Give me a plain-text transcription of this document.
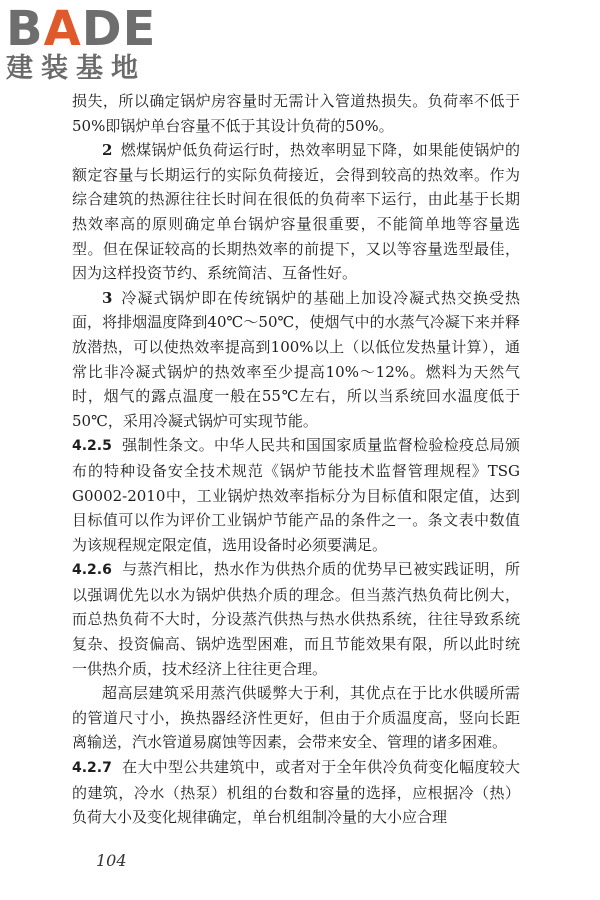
BADE
建装基地

损失，所以确定锅炉房容量时无需计入管道热损失。负荷率不低于50%即锅炉单台容量不低于其设计负荷的50%。

2 燃煤锅炉低负荷运行时，热效率明显下降，如果能使锅炉的额定容量与长期运行的实际负荷接近，会得到较高的热效率。作为综合建筑的热源往往长时间在很低的负荷率下运行，由此基于长期热效率高的原则确定单台锅炉容量很重要，不能简单地等容量选型。但在保证较高的长期热效率的前提下，又以等容量选型最佳，因为这样投资节约、系统简洁、互备性好。

3 冷凝式锅炉即在传统锅炉的基础上加设冷凝式热交换受热面，将排烟温度降到40℃～50℃，使烟气中的水蒸气冷凝下来并释放潜热，可以使热效率提高到100%以上（以低位发热量计算），通常比非冷凝式锅炉的热效率至少提高10%～12%。燃料为天然气时，烟气的露点温度一般在55℃左右，所以当系统回水温度低于50℃，采用冷凝式锅炉可实现节能。

4.2.5 强制性条文。中华人民共和国国家质量监督检验检疫总局颁布的特种设备安全技术规范《锅炉节能技术监督管理规程》TSG G0002-2010中，工业锅炉热效率指标分为目标值和限定值，达到目标值可以作为评价工业锅炉节能产品的条件之一。条文表中数值为该规程规定限定值，选用设备时必须要满足。

4.2.6 与蒸汽相比，热水作为供热介质的优势早已被实践证明，所以强调优先以水为锅炉供热介质的理念。但当蒸汽热负荷比例大，而总热负荷不大时，分设蒸汽供热与热水供热系统，往往导致系统复杂、投资偏高、锅炉选型困难，而且节能效果有限，所以此时统一供热介质，技术经济上往往更合理。

超高层建筑采用蒸汽供暖弊大于利，其优点在于比水供暖所需的管道尺寸小，换热器经济性更好，但由于介质温度高，竖向长距离输送，汽水管道易腐蚀等因素，会带来安全、管理的诸多困难。

4.2.7 在大中型公共建筑中，或者对于全年供冷负荷变化幅度较大的建筑，冷水（热泵）机组的台数和容量的选择，应根据冷（热）负荷大小及变化规律确定，单台机组制冷量的大小应合理

104
